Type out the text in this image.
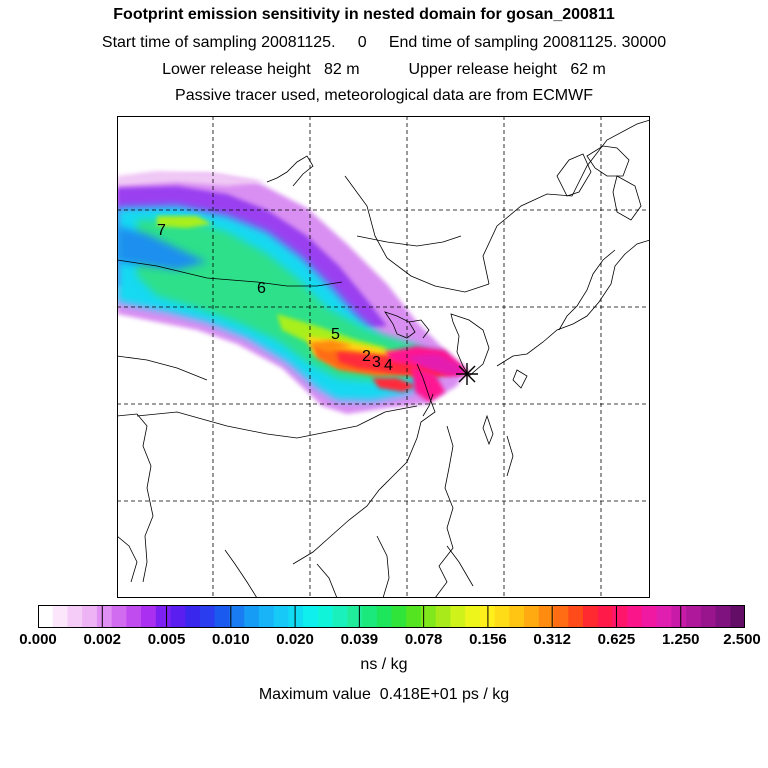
Footprint emission sensitivity in nested domain for gosan_200811
Start time of sampling 20081125.     0     End time of sampling 20081125. 30000
Lower release height   82 m           Upper release height   62 m
Passive tracer used, meteorological data are from ECMWF
7
6
5
2 3 4
0.000 0.002 0.005 0.010 0.020 0.039 0.078 0.156 0.312 0.625 1.250 2.500
ns / kg
Maximum value  0.418E+01 ps / kg
